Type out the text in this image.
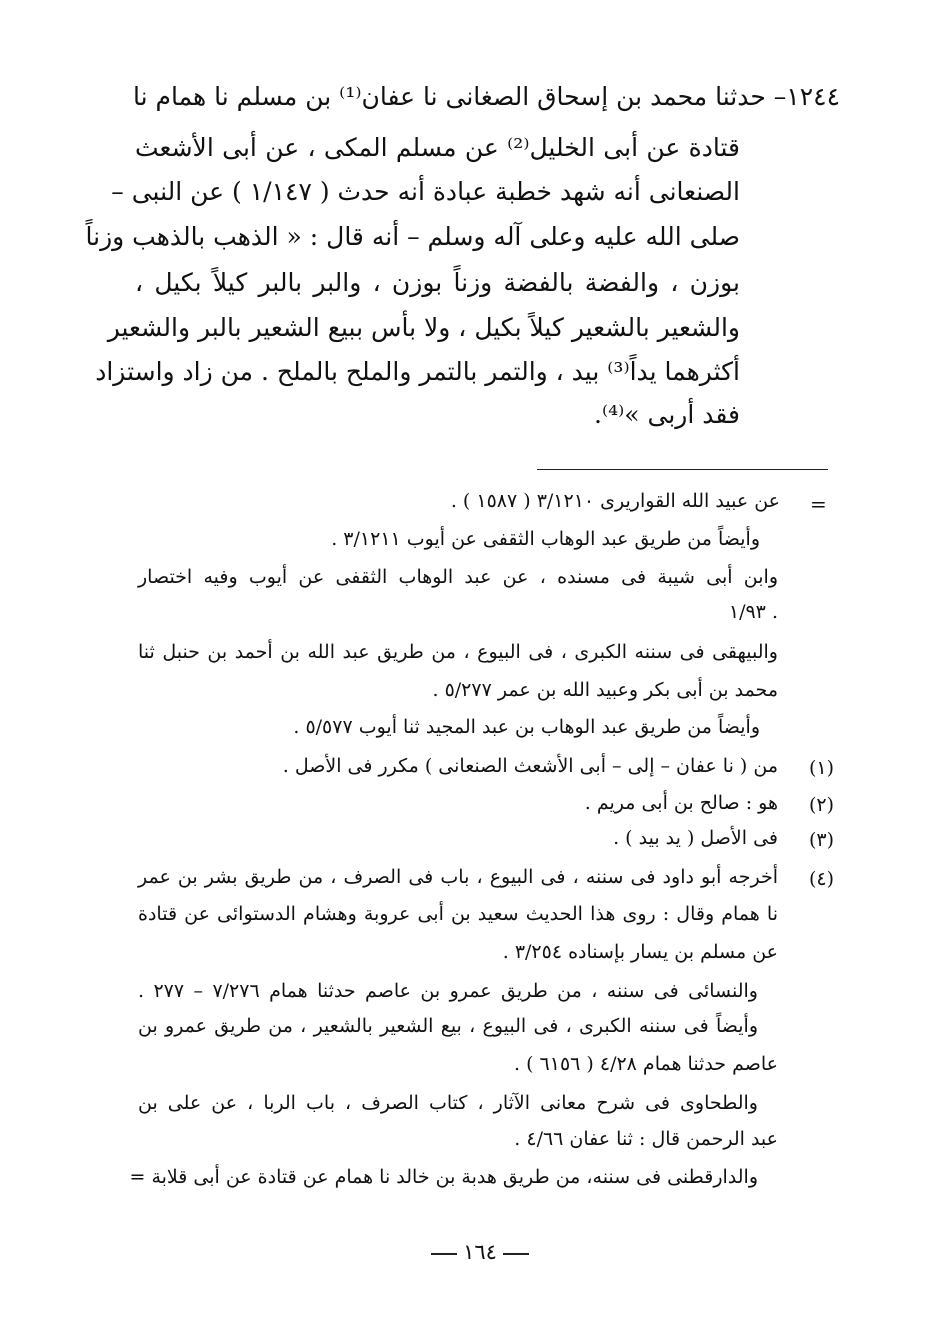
١٢٤٤– حدثنا محمد بن إسحاق الصغانى نا عفان⁽¹⁾ بن مسلم نا همام نا
قتادة عن أبى الخليل⁽²⁾ عن مسلم المكى ، عن أبى الأشعث
الصنعانى أنه شهد خطبة عبادة أنه حدث ( ١/١٤٧ ) عن النبى –
صلى الله عليه وعلى آله وسلم – أنه قال : « الذهب بالذهب وزناً
بوزن ، والفضة بالفضة وزناً بوزن ، والبر بالبر كيلاً بكيل ،
والشعير بالشعير كيلاً بكيل ، ولا بأس ببيع الشعير بالبر والشعير
أكثرهما يداً⁽³⁾ بيد ، والتمر بالتمر والملح بالملح . من زاد واستزاد
فقد أربى »⁽⁴⁾.
=
عن عبيد الله القواريرى ٣/١٢١٠ ( ١٥٨٧ ) .
وأيضاً من طريق عبد الوهاب الثقفى عن أيوب ٣/١٢١١ .
وابن أبى شيبة فى مسنده ، عن عبد الوهاب الثقفى عن أيوب وفيه اختصار
١/٩٣ .
والبيهقى فى سننه الكبرى ، فى البيوع ، من طريق عبد الله بن أحمد بن حنبل ثنا
محمد بن أبى بكر وعبيد الله بن عمر ٥/٢٧٧ .
وأيضاً من طريق عبد الوهاب بن عبد المجيد ثنا أيوب ٥/٥٧٧ .
(١)
من ( نا عفان – إلى – أبى الأشعث الصنعانى ) مكرر فى الأصل .
(٢)
هو : صالح بن أبى مريم .
(٣)
فى الأصل ( يد بيد ) .
(٤)
أخرجه أبو داود فى سننه ، فى البيوع ، باب فى الصرف ، من طريق بشر بن عمر
نا همام وقال : روى هذا الحديث سعيد بن أبى عروبة وهشام الدستوائى عن قتادة
عن مسلم بن يسار بإسناده ٣/٢٥٤ .
والنسائى فى سننه ، من طريق عمرو بن عاصم حدثنا همام ٧/٢٧٦ – ٢٧٧ .
وأيضاً فى سننه الكبرى ، فى البيوع ، بيع الشعير بالشعير ، من طريق عمرو بن
عاصم حدثنا همام ٤/٢٨ ( ٦١٥٦ ) .
والطحاوى فى شرح معانى الآثار ، كتاب الصرف ، باب الربا ، عن على بن
عبد الرحمن قال : ثنا عفان ٤/٦٦ .
والدارقطنى فى سننه، من طريق هدبة بن خالد نا همام عن قتادة عن أبى قلابة =
١٦٤
